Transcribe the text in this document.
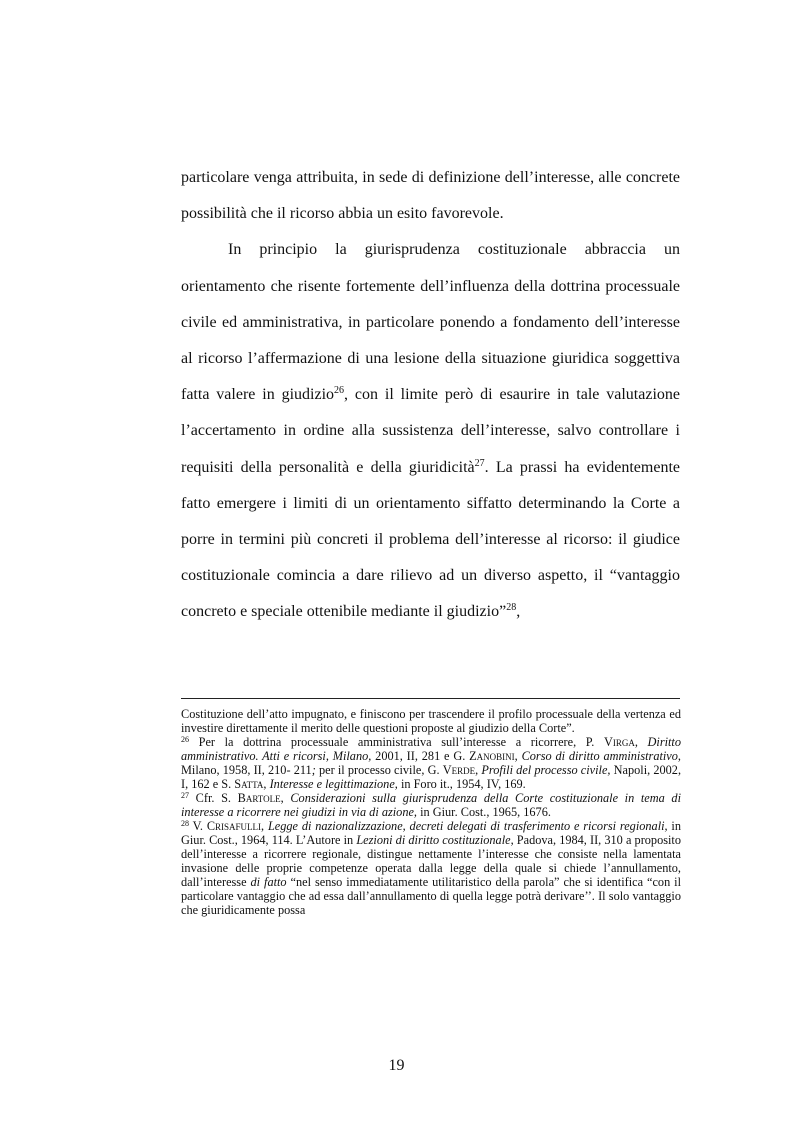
particolare venga attribuita, in sede di definizione dell’interesse, alle concrete possibilità che il ricorso abbia un esito favorevole.

In principio la giurisprudenza costituzionale abbraccia un orientamento che risente fortemente dell’influenza della dottrina processuale civile ed amministrativa, in particolare ponendo a fondamento dell’interesse al ricorso l’affermazione di una lesione della situazione giuridica soggettiva fatta valere in giudizio$^{26}$, con il limite però di esaurire in tale valutazione l’accertamento in ordine alla sussistenza dell’interesse, salvo controllare i requisiti della personalità e della giuridicità$^{27}$. La prassi ha evidentemente fatto emergere i limiti di un orientamento siffatto determinando la Corte a porre in termini più concreti il problema dell’interesse al ricorso: il giudice costituzionale comincia a dare rilievo ad un diverso aspetto, il “vantaggio concreto e speciale ottenibile mediante il giudizio”$^{28}$,

Costituzione dell’atto impugnato, e finiscono per trascendere il profilo processuale della vertenza ed investire direttamente il merito delle questioni proposte al giudizio della Corte”.

$^{26}$ Per la dottrina processuale amministrativa sull’interesse a ricorrere, P. Virga, Diritto amministrativo. Atti e ricorsi, Milano, 2001, II, 281 e G. Zanobini, Corso di diritto amministrativo, Milano, 1958, II, 210- 211; per il processo civile, G. Verde, Profili del processo civile, Napoli, 2002, I, 162 e S. Satta, Interesse e legittimazione, in Foro it., 1954, IV, 169.

$^{27}$ Cfr. S. Bartole, Considerazioni sulla giurisprudenza della Corte costituzionale in tema di interesse a ricorrere nei giudizi in via di azione, in Giur. Cost., 1965, 1676.

$^{28}$ V. Crisafulli, Legge di nazionalizzazione, decreti delegati di trasferimento e ricorsi regionali, in Giur. Cost., 1964, 114. L’Autore in Lezioni di diritto costituzionale, Padova, 1984, II, 310 a proposito dell’interesse a ricorrere regionale, distingue nettamente l’interesse che consiste nella lamentata invasione delle proprie competenze operata dalla legge della quale si chiede l’annullamento, dall’interesse di fatto “nel senso immediatamente utilitaristico della parola” che si identifica “con il particolare vantaggio che ad essa dall’annullamento di quella legge potrà derivare’’. Il solo vantaggio che giuridicamente possa

19
